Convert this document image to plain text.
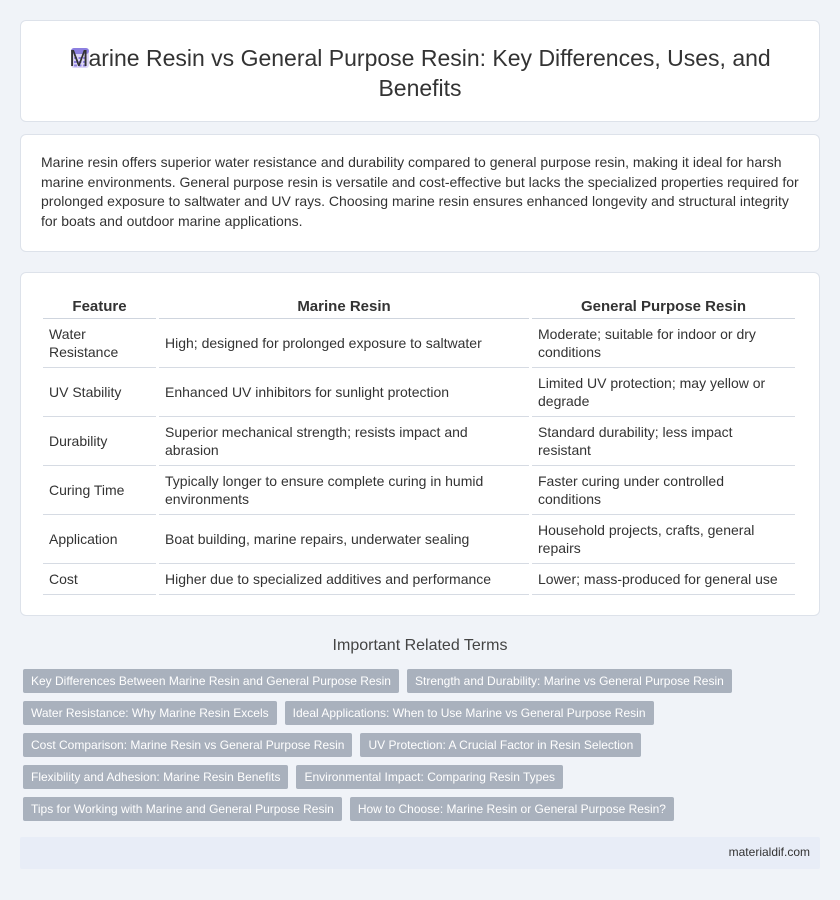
Marine Resin vs General Purpose Resin: Key Differences, Uses, and Benefits

Marine resin offers superior water resistance and durability compared to general purpose resin, making it ideal for harsh marine environments. General purpose resin is versatile and cost-effective but lacks the specialized properties required for prolonged exposure to saltwater and UV rays. Choosing marine resin ensures enhanced longevity and structural integrity for boats and outdoor marine applications.

Feature	Marine Resin	General Purpose Resin
Water Resistance	High; designed for prolonged exposure to saltwater	Moderate; suitable for indoor or dry conditions
UV Stability	Enhanced UV inhibitors for sunlight protection	Limited UV protection; may yellow or degrade
Durability	Superior mechanical strength; resists impact and abrasion	Standard durability; less impact resistant
Curing Time	Typically longer to ensure complete curing in humid environments	Faster curing under controlled conditions
Application	Boat building, marine repairs, underwater sealing	Household projects, crafts, general repairs
Cost	Higher due to specialized additives and performance	Lower; mass-produced for general use
Important Related Terms
Key Differences Between Marine Resin and General Purpose Resin	Strength and Durability: Marine vs General Purpose Resin
Water Resistance: Why Marine Resin Excels	Ideal Applications: When to Use Marine vs General Purpose Resin
Cost Comparison: Marine Resin vs General Purpose Resin	UV Protection: A Crucial Factor in Resin Selection
Flexibility and Adhesion: Marine Resin Benefits	Environmental Impact: Comparing Resin Types
Tips for Working with Marine and General Purpose Resin	How to Choose: Marine Resin or General Purpose Resin?
materialdif.com
